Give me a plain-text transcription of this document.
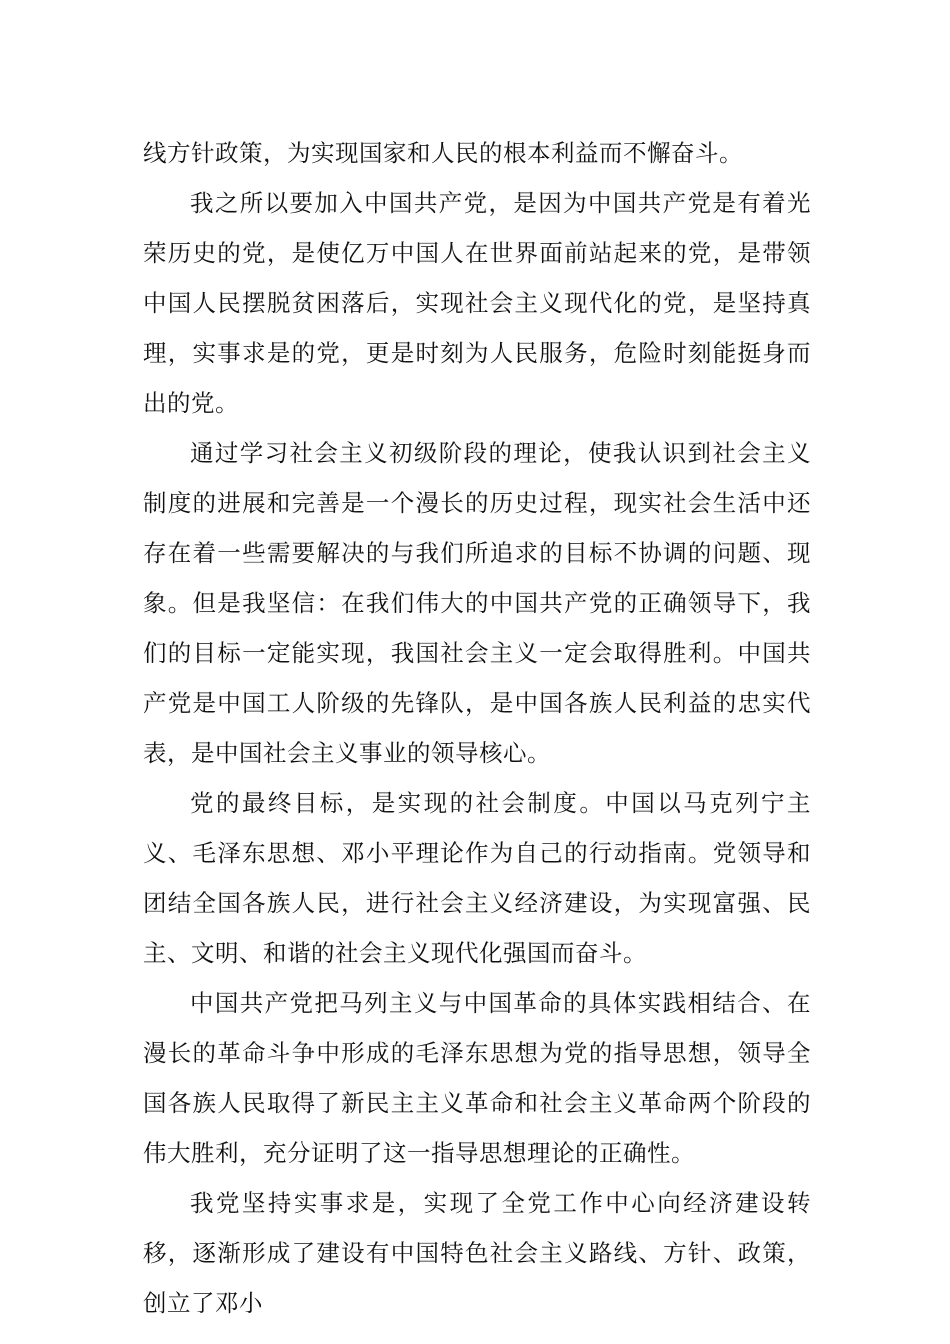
线方针政策，为实现国家和人民的根本利益而不懈奋斗。

我之所以要加入中国共产党，是因为中国共产党是有着光荣历史的党，是使亿万中国人在世界面前站起来的党，是带领中国人民摆脱贫困落后，实现社会主义现代化的党，是坚持真理，实事求是的党，更是时刻为人民服务，危险时刻能挺身而出的党。

通过学习社会主义初级阶段的理论，使我认识到社会主义制度的进展和完善是一个漫长的历史过程，现实社会生活中还存在着一些需要解决的与我们所追求的目标不协调的问题、现象。但是我坚信：在我们伟大的中国共产党的正确领导下，我们的目标一定能实现，我国社会主义一定会取得胜利。中国共产党是中国工人阶级的先锋队，是中国各族人民利益的忠实代表，是中国社会主义事业的领导核心。

党的最终目标，是实现的社会制度。中国以马克列宁主义、毛泽东思想、邓小平理论作为自己的行动指南。党领导和团结全国各族人民，进行社会主义经济建设，为实现富强、民主、文明、和谐的社会主义现代化强国而奋斗。

中国共产党把马列主义与中国革命的具体实践相结合、在漫长的革命斗争中形成的毛泽东思想为党的指导思想，领导全国各族人民取得了新民主主义革命和社会主义革命两个阶段的伟大胜利，充分证明了这一指导思想理论的正确性。

我党坚持实事求是，实现了全党工作中心向经济建设转移，逐渐形成了建设有中国特色社会主义路线、方针、政策，创立了邓小
